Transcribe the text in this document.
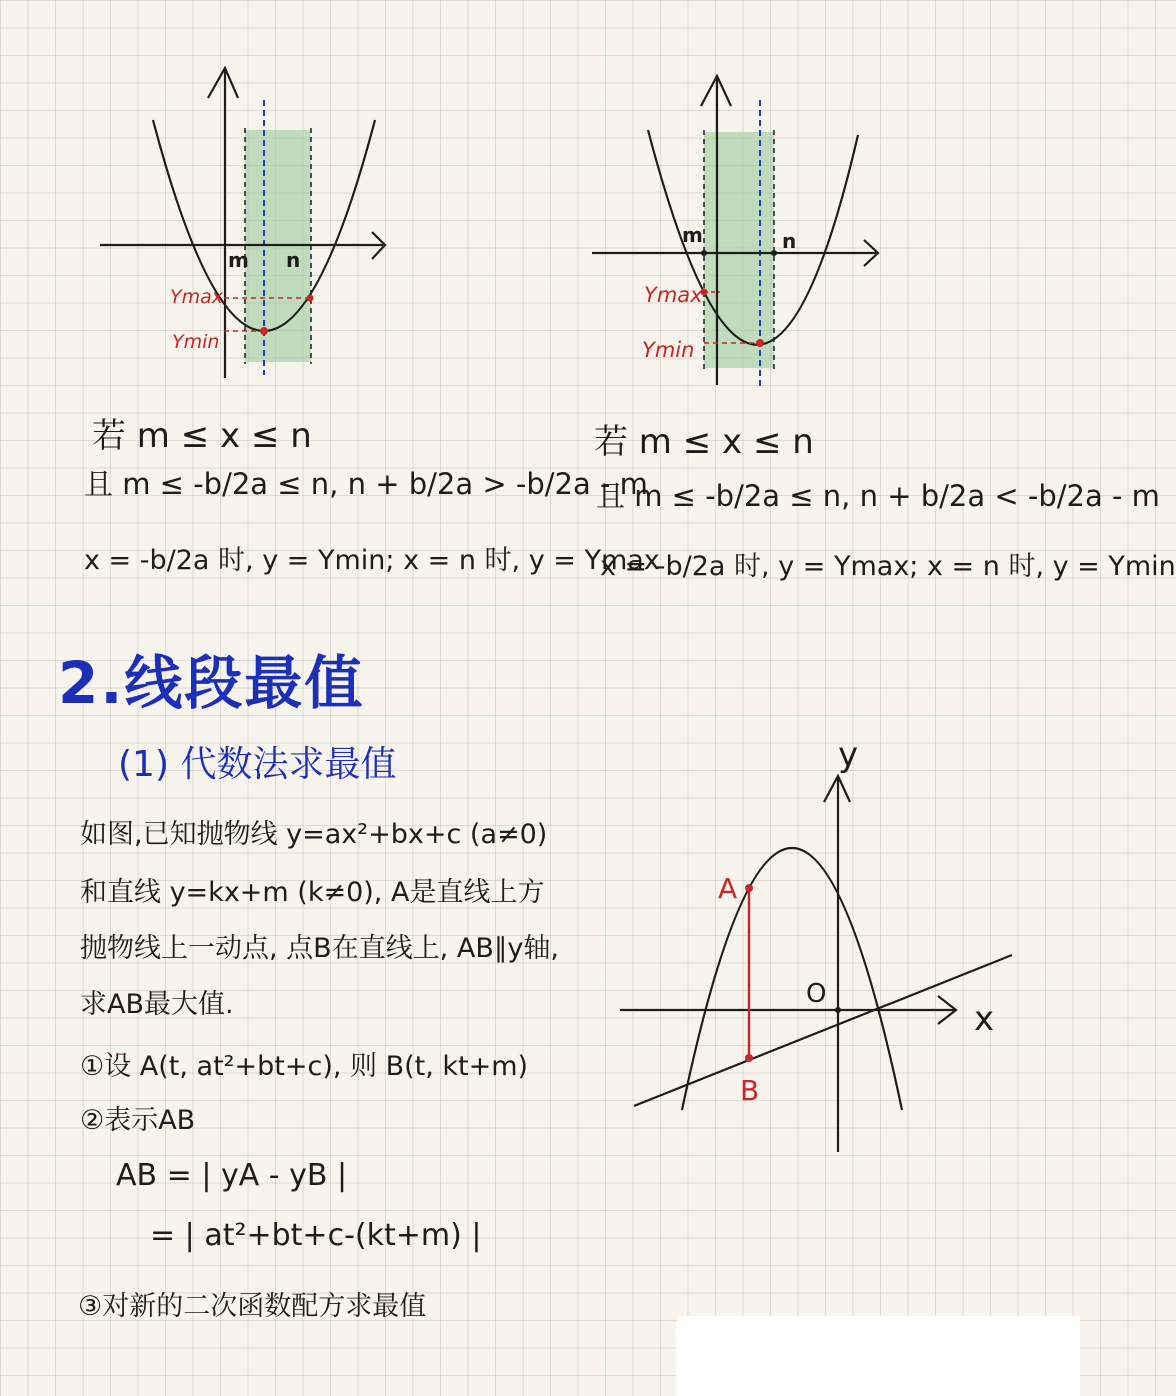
m n
Ymax
Ymin
m	n
Ymax
Ymin
若 m ≤ x ≤ n
且 m ≤ -b/2a ≤ n, n + b/2a > -b/2a - m
x = -b/2a 时, y = Ymin; x = n 时, y = Ymax
若 m ≤ x ≤ n
且 m ≤ -b/2a ≤ n, n + b/2a < -b/2a - m
x = -b/2a 时, y = Ymax; x = n 时, y = Ymin
2.线段最值
(1) 代数法求最值
如图,已知抛物线 y=ax²+bx+c (a≠0)
和直线 y=kx+m (k≠0), A是直线上方
抛物线上一动点, 点B在直线上, AB∥y轴,
求AB最大值.
①设 A(t, at²+bt+c), 则 B(t, kt+m)
②表示AB
AB = | yA - yB |
= | at²+bt+c-(kt+m) |
③对新的二次函数配方求最值
y
x
O
A
B
